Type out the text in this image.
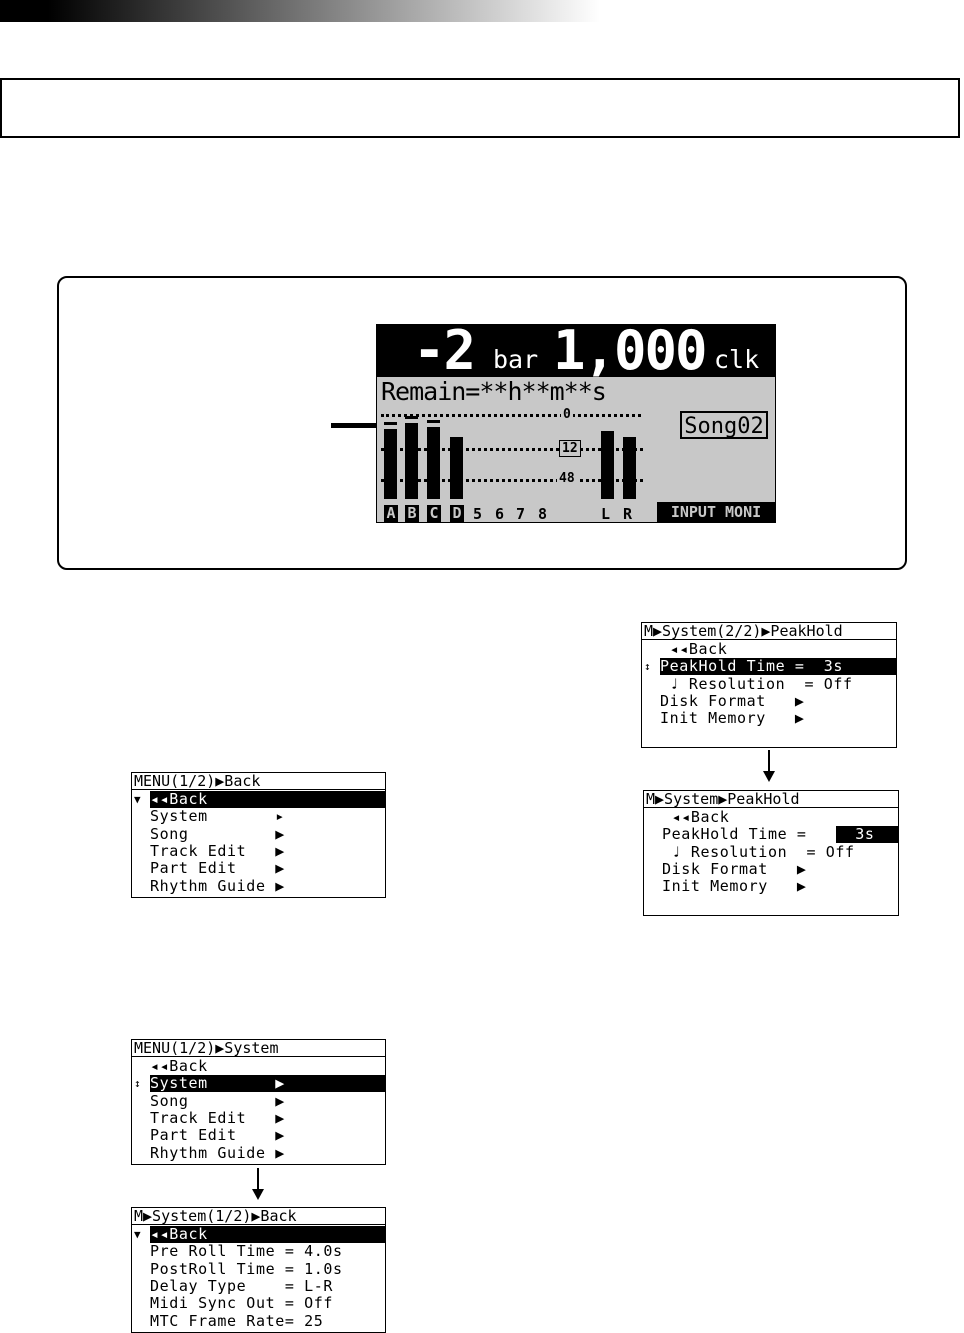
-2 bar 1,000 clk
Remain=**h**m**s
0
12
48
Song02
A B C D 5 6 7 8	L R	INPUT MONI
MENU(1/2)▶Back
▼ ◂◂Back
System       ▸
Song         ▶
Track Edit   ▶
Part Edit    ▶
Rhythm Guide ▶
MENU(1/2)▶System
◂◂Back
↕ System       ▶
Song         ▶
Track Edit   ▶
Part Edit    ▶
Rhythm Guide ▶
M▶System(1/2)▶Back
▼ ◂◂Back
Pre Roll Time = 4.0s
PostRoll Time = 1.0s
Delay Type    = L-R
Midi Sync Out = Off
MTC Frame Rate= 25
M▶System(2/2)▶PeakHold
◂◂Back
↕ PeakHold Time =  3s
♩ Resolution  = Off
Disk Format   ▶
Init Memory   ▶
M▶System▶PeakHold
◂◂Back
PeakHold Time = 3s
♩ Resolution  = Off
Disk Format   ▶
Init Memory   ▶
